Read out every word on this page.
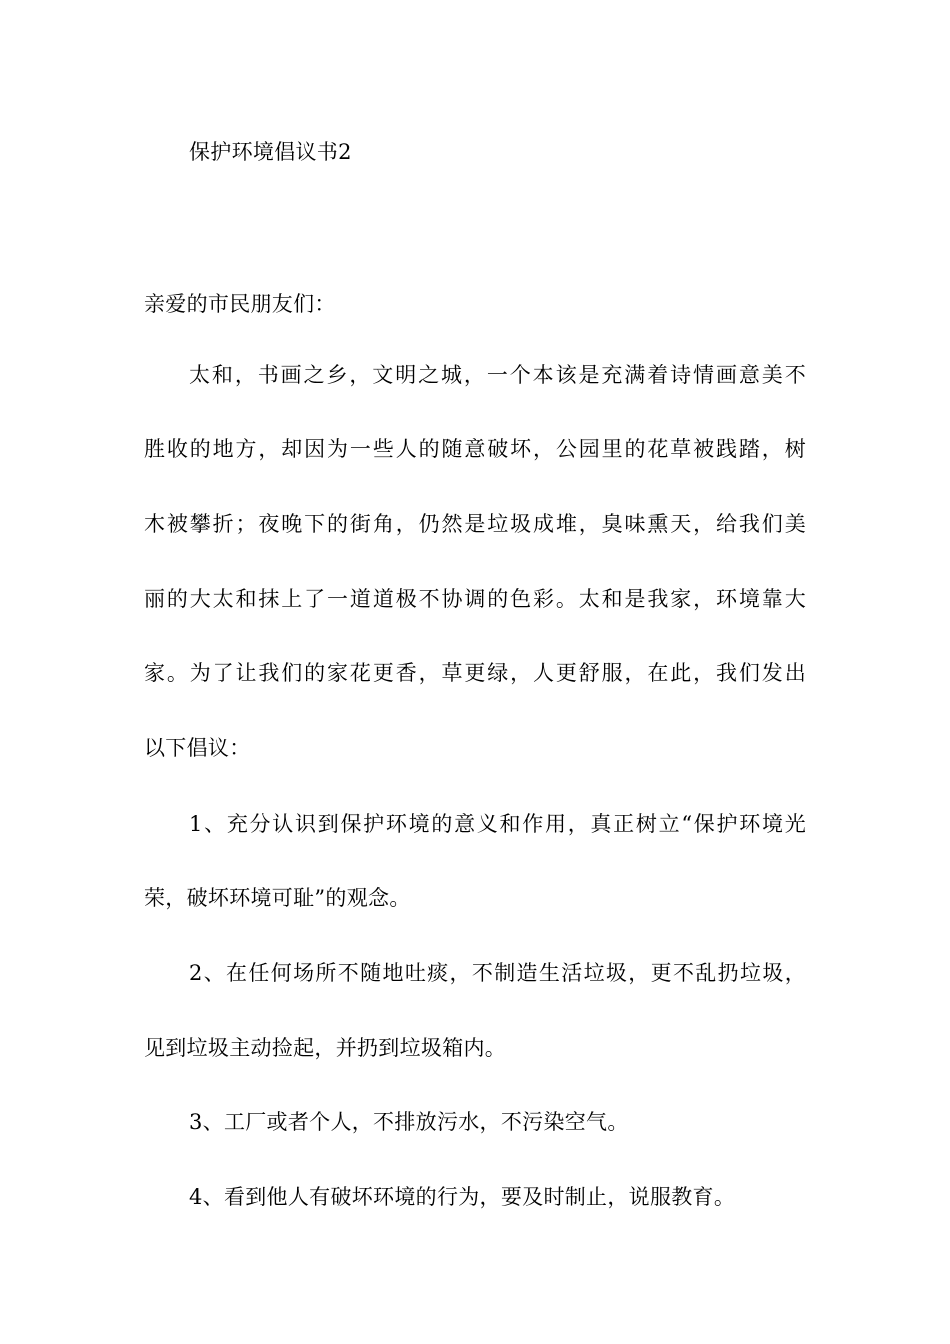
保护环境倡议书2
亲爱的市民朋友们：
太和，书画之乡，文明之城，一个本该是充满着诗情画意美不
胜收的地方，却因为一些人的随意破坏，公园里的花草被践踏，树
木被攀折；夜晚下的街角，仍然是垃圾成堆，臭味熏天，给我们美
丽的大太和抹上了一道道极不协调的色彩。太和是我家，环境靠大
家。为了让我们的家花更香，草更绿，人更舒服，在此，我们发出
以下倡议：
1、充分认识到保护环境的意义和作用，真正树立“保护环境光
荣，破坏环境可耻”的观念。
2、在任何场所不随地吐痰，不制造生活垃圾，更不乱扔垃圾，
见到垃圾主动捡起，并扔到垃圾箱内。
3、工厂或者个人，不排放污水，不污染空气。
4、看到他人有破坏环境的行为，要及时制止，说服教育。
